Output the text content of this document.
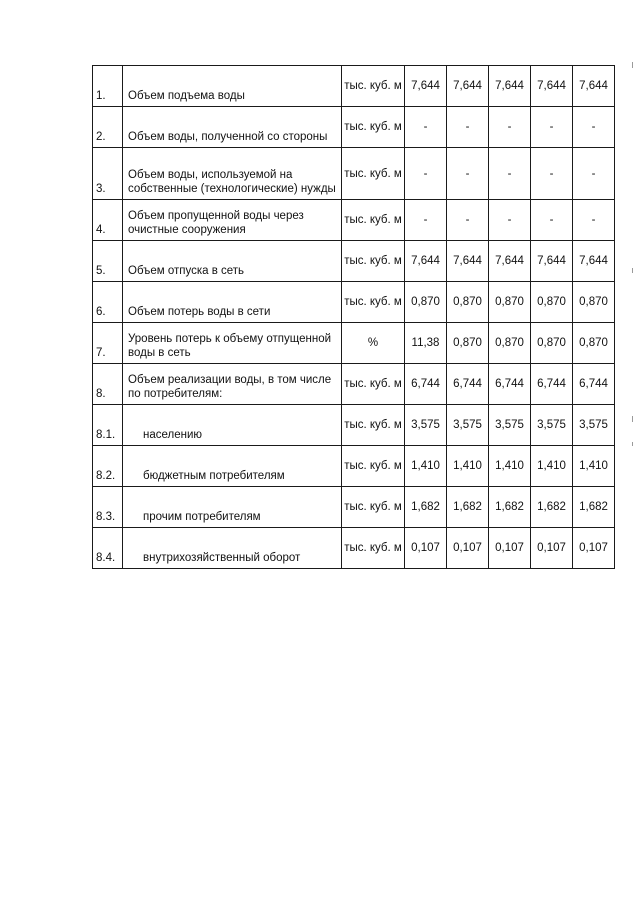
1.	Объем подъема воды	тыс. куб. м	7,644	7,644	7,644	7,644	7,644
2.	Объем воды, полученной со стороны	тыс. куб. м	-	-	-	-	-
3.	Объем воды, используемой на собственные (технологические) нужды	тыс. куб. м	-	-	-	-	-
4.	Объем пропущенной воды через очистные сооружения	тыс. куб. м	-	-	-	-	-
5.	Объем отпуска в сеть	тыс. куб. м	7,644	7,644	7,644	7,644	7,644
6.	Объем потерь воды в сети	тыс. куб. м	0,870	0,870	0,870	0,870	0,870
7.	Уровень потерь к объему отпущенной воды в сеть	%	11,38	0,870	0,870	0,870	0,870
8.	Объем реализации воды, в том числе по потребителям:	тыс. куб. м	6,744	6,744	6,744	6,744	6,744
8.1.	населению	тыс. куб. м	3,575	3,575	3,575	3,575	3,575
8.2.	бюджетным потребителям	тыс. куб. м	1,410	1,410	1,410	1,410	1,410
8.3.	прочим потребителям	тыс. куб. м	1,682	1,682	1,682	1,682	1,682
8.4.	внутрихозяйственный оборот	тыс. куб. м	0,107	0,107	0,107	0,107	0,107
